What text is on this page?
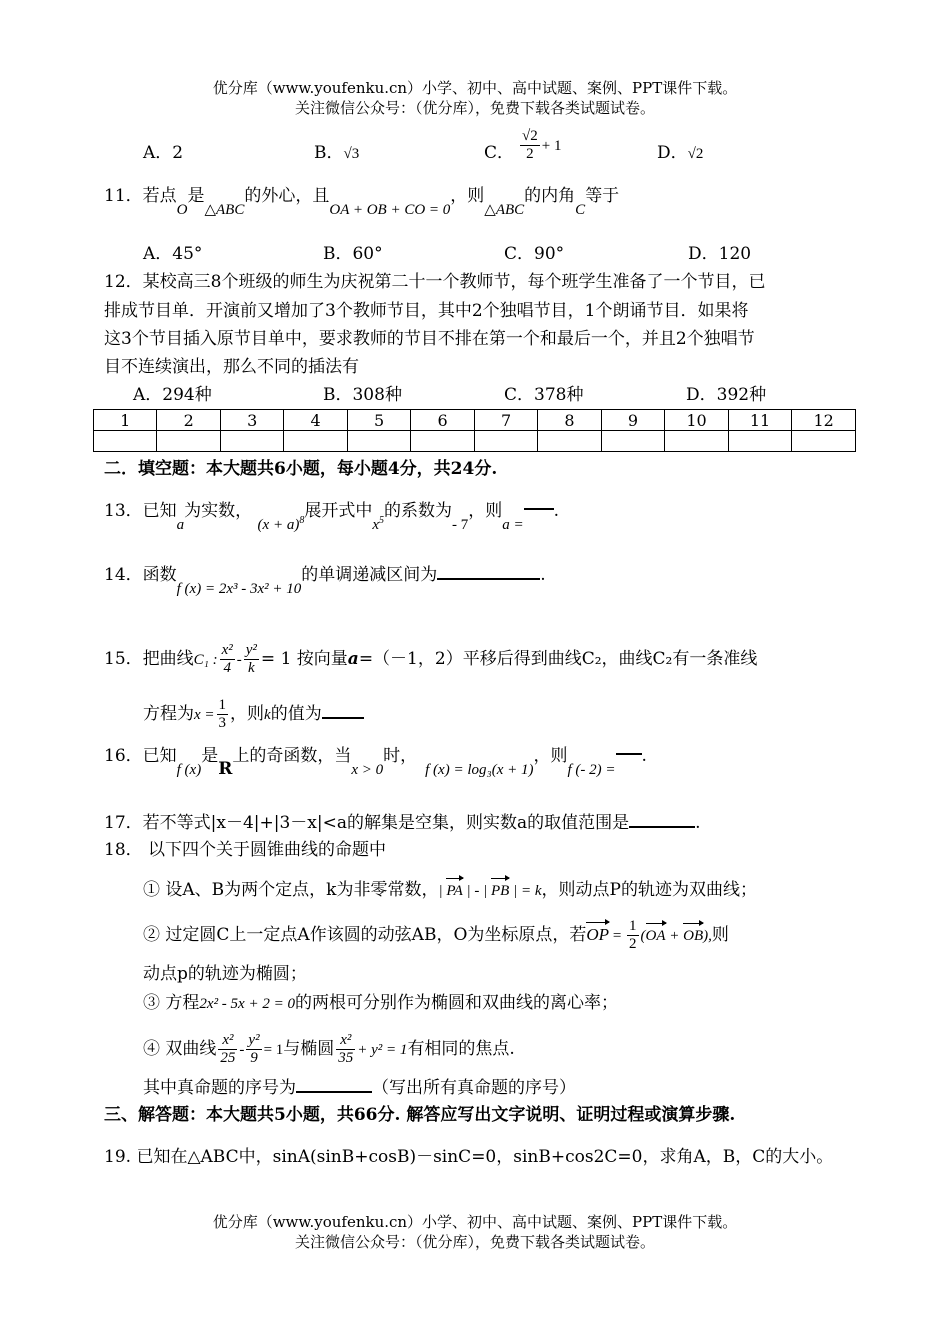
优分库（www.youfenku.cn）小学、初中、高中试题、案例、PPT课件下载。
关注微信公众号：（优分库），免费下载各类试题试卷。
A．2	B．√3	C． $\frac{√2}{2} + 1$	D．√2
11．若点O是△ABC的外心，且OA + OB + CO = 0，则△ABC的内角C等于
A．45°	B．60°	C．90°	D．120
12．某校高三8个班级的师生为庆祝第二十一个教师节，每个班学生准备了一个节目，已
排成节目单．开演前又增加了3个教师节目，其中2个独唱节目，1个朗诵节目．如果将
这3个节目插入原节目单中，要求教师的节目不排在第一个和最后一个，并且2个独唱节
目不连续演出，那么不同的插法有
A．294种	B．308种	C．378种	D．392种
1	2	3	4	5	6	7	8	9	10	11	12

二．填空题：本大题共6小题，每小题4分，共24分.
13．已知a为实数， $(x + a)^8$展开式中$x^5$的系数为- 7，则a =.
14．函数f (x) = 2x³ - 3x² + 10的单调递减区间为	.
15．把曲线C₁ : $\frac{\text{x²}}{4} - \frac{\text{y²}}{k} = 1$ 按向量a=（－1，2）平移后得到曲线C₂，曲线C₂有一条准线
方程为$x = \frac{1}{3}$ ，则k的值为
16．已知f (x)是R上的奇函数，当x > 0时，f (x) = log₃(x + 1)，则f (- 2) =.
17．若不等式|x－4|+|3－x|<a的解集是空集，则实数a的取值范围是	.
18． 以下四个关于圆锥曲线的命题中
① 设A、B为两个定点，k为非零常数，| PA | - | PB | = k，则动点P的轨迹为双曲线；
② 过定圆C上一定点A作该圆的动弦AB，O为坐标原点，若OP = $\frac{1}{2} (OA + OB)$,则
动点p的轨迹为椭圆；
③ 方程2x² - 5x + 2 = 0的两根可分别作为椭圆和双曲线的离心率；
④ 双曲线 $\frac{\text{x²}}{25} - \frac{\text{y²}}{9} = 1$与椭圆 $\frac{\text{x²}}{35} + y^2 = 1$有相同的焦点.
其中真命题的序号为	（写出所有真命题的序号）
三、解答题：本大题共5小题，共66分. 解答应写出文字说明、证明过程或演算步骤.
19. 已知在△ABC中，sinA(sinB+cosB)－sinC=0，sinB+cos2C=0，求角A，B，C的大小。
优分库（www.youfenku.cn）小学、初中、高中试题、案例、PPT课件下载。
关注微信公众号：（优分库），免费下载各类试题试卷。
